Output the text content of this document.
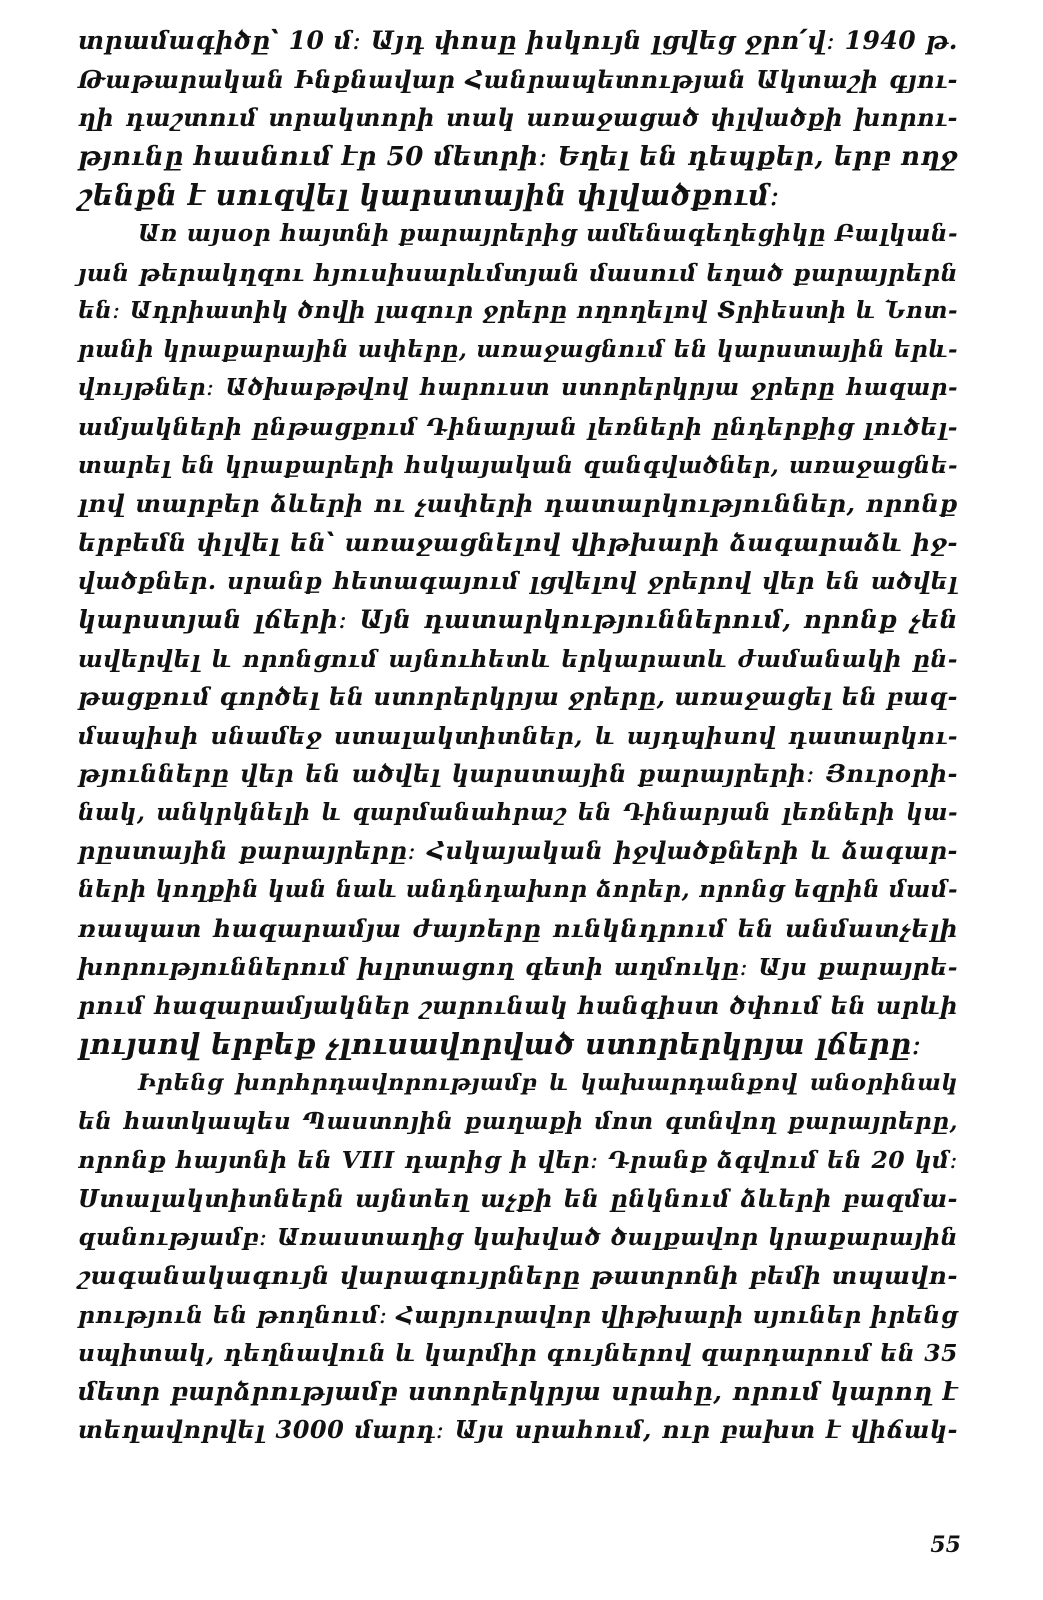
տրամագիծը՝ 10 մ։ Այդ փոսը իսկույն լցվեց ջրո՛վ։ 1940 թ.
Թաթարական Ինքնավար Հանրապետության Ակտաշի գյու-
ղի դաշտում տրակտորի տակ առաջացած փլվածքի խորու-
թյունը հասնում էր 50 մետրի։ Եղել են դեպքեր, երբ ողջ
շենքն է սուզվել կարստային փլվածքում։
Առ այսօր հայտնի քարայրերից ամենագեղեցիկը Բալկան-
յան թերակղզու հյուսիսարևմտյան մասում եղած քարայրերն
են։ Ադրիատիկ ծովի լազուր ջրերը ողողելով Տրիեստի և Նոտ-
րանի կրաքարային ափերը, առաջացնում են կարստային երև-
վույթներ։ Ածխաթթվով հարուստ ստորերկրյա ջրերը հազար-
ամյակների ընթացքում Դինարյան լեռների ընդերքից լուծել-
տարել են կրաքարերի հսկայական զանգվածներ, առաջացնե-
լով տարբեր ձևերի ու չափերի դատարկություններ, որոնք
երբեմն փլվել են՝ առաջացնելով վիթխարի ձագարաձև իջ-
վածքներ. սրանք հետագայում լցվելով ջրերով վեր են ածվել
կարստյան լճերի։ Այն դատարկություններում, որոնք չեն
ավերվել և որոնցում այնուհետև երկարատև ժամանակի ըն-
թացքում գործել են ստորերկրյա ջրերը, առաջացել են բազ-
մապիսի սնամեջ ստալակտիտներ, և այդպիսով դատարկու-
թյունները վեր են ածվել կարստային քարայրերի։ Յուրօրի-
նակ, անկրկնելի և զարմանահրաշ են Դինարյան լեռների կա-
րըստային քարայրերը։ Հսկայական իջվածքների և ձագար-
ների կողքին կան նաև անդնդախոր ձորեր, որոնց եզրին մամ-
ռապատ հազարամյա ժայռերը ունկնդրում են անմատչելի
խորություններում խլրտացող գետի աղմուկը։ Այս քարայրե-
րում հազարամյակներ շարունակ հանգիստ ծփում են արևի
լույսով երբեք չլուսավորված ստորերկրյա լճերը։
Իրենց խորհրդավորությամբ և կախարդանքով անօրինակ
են հատկապես Պաստոյին քաղաքի մոտ գտնվող քարայրերը,
որոնք հայտնի են VIII դարից ի վեր։ Դրանք ձգվում են 20 կմ։
Ստալակտիտներն այնտեղ աչքի են ընկնում ձևերի բազմա-
զանությամբ։ Առաստաղից կախված ծալքավոր կրաքարային
շագանակագույն վարագույրները թատրոնի բեմի տպավո-
րություն են թողնում։ Հարյուրավոր վիթխարի սյուներ իրենց
սպիտակ, դեղնավուն և կարմիր գույներով զարդարում են 35
մետր բարձրությամբ ստորերկրյա սրահը, որում կարող է
տեղավորվել 3000 մարդ։ Այս սրահում, ուր բախտ է վիճակ-
55
